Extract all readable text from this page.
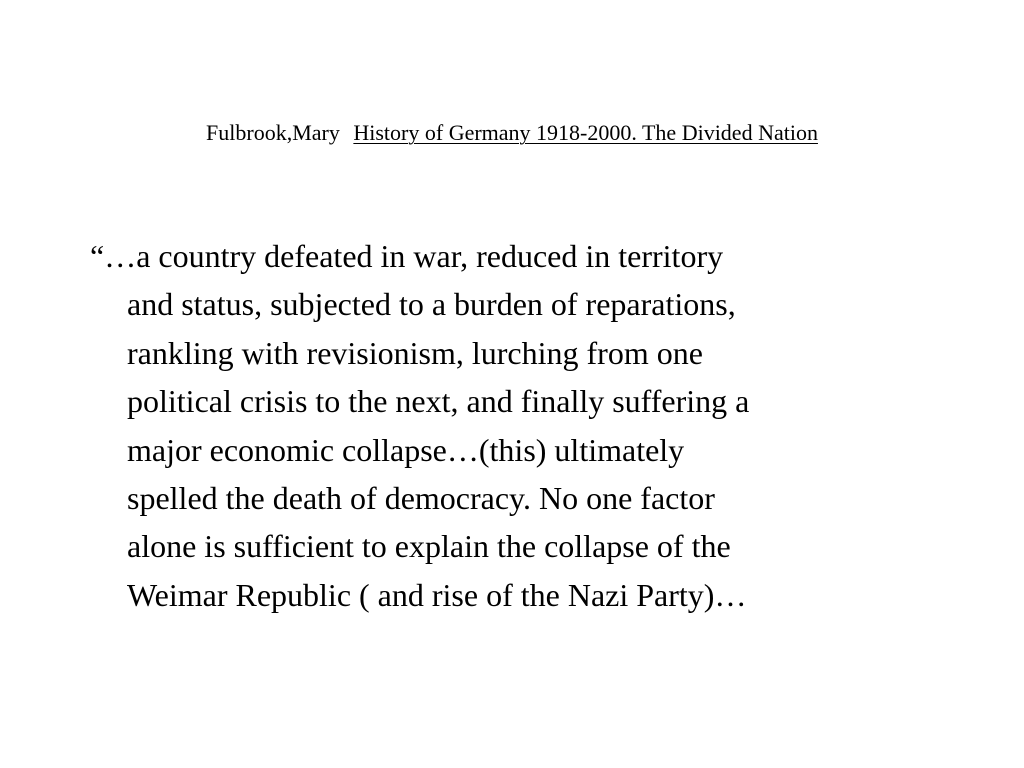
Fulbrook,Mary History of Germany 1918-2000. The Divided Nation
“…a country defeated in war, reduced in territory
and status, subjected to a burden of reparations,
rankling with revisionism, lurching from one
political crisis to the next, and finally suffering a
major economic collapse…(this) ultimately
spelled the death of democracy. No one factor
alone is sufficient to explain the collapse of the
Weimar Republic ( and rise of the Nazi Party)…
